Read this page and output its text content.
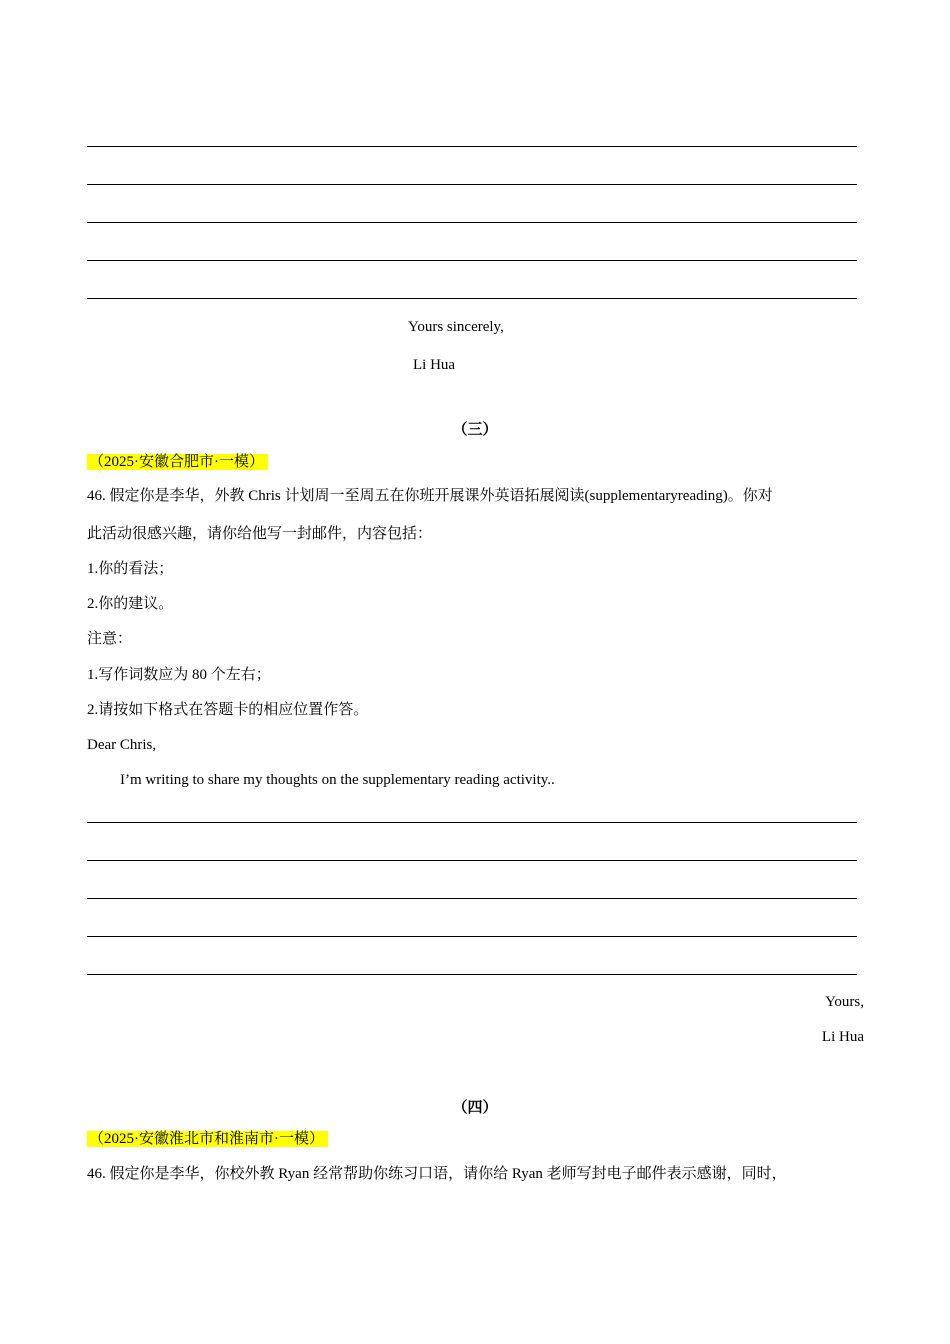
Yours sincerely,
Li Hua
（三）
（2025·安徽合肥市·一模）
46. 假定你是李华，外教 Chris 计划周一至周五在你班开展课外英语拓展阅读(supplementaryreading)。你对
此活动很感兴趣，请你给他写一封邮件，内容包括：
1.你的看法；
2.你的建议。
注意：
1.写作词数应为 80 个左右；
2.请按如下格式在答题卡的相应位置作答。
Dear Chris,
I’m writing to share my thoughts on the supplementary reading activity..
Yours,
Li Hua
（四）
（2025·安徽淮北市和淮南市·一模）
46. 假定你是李华，你校外教 Ryan 经常帮助你练习口语，请你给 Ryan 老师写封电子邮件表示感谢，同时，
